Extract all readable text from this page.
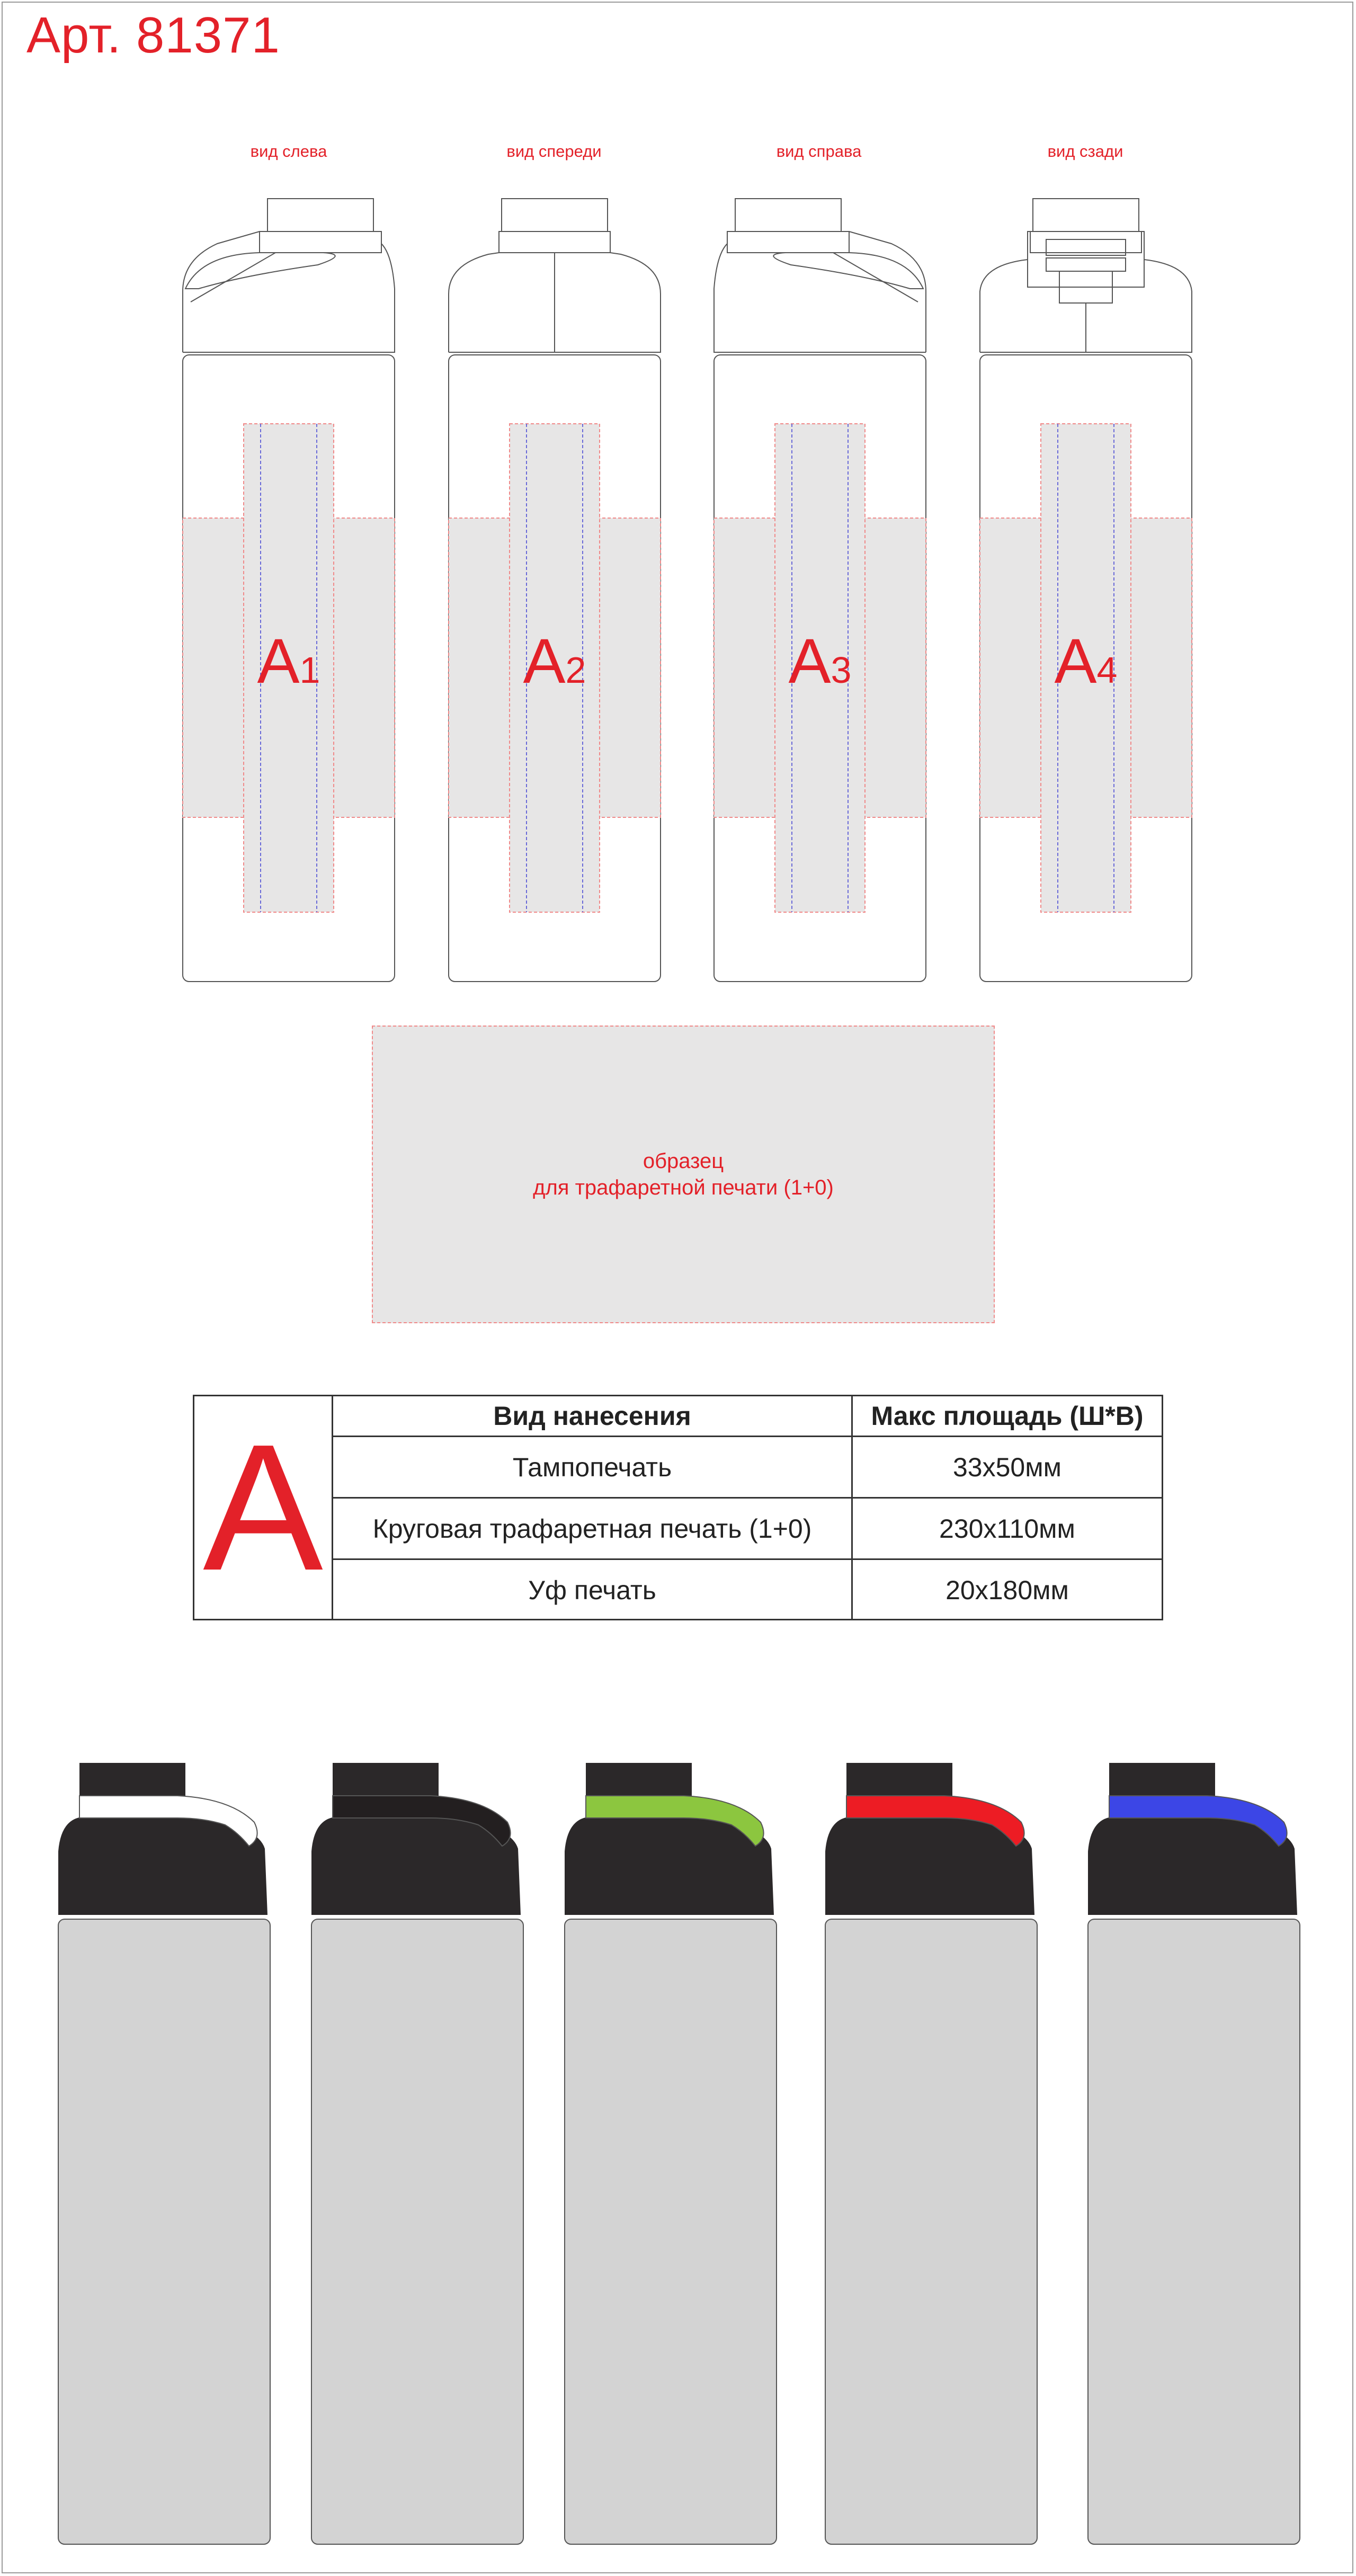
Арт. 81371
вид слева	вид спереди	вид справа	вид сзади
A1	A2	A3	A4
образец
для трафаретной печати (1+0)
A	Вид нанесения	Макс площадь (Ш*В)
Тампопечать	33х50мм
Круговая трафаретная печать (1+0)	230х110мм
Уф печать	20х180мм
